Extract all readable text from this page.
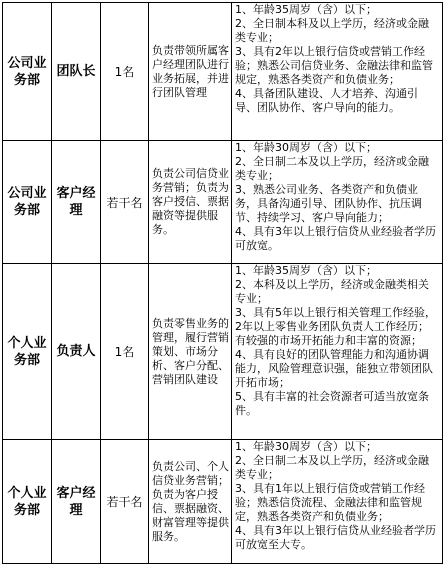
公司业务部	团队长	1名	负责带领所属客户经理团队进行业务拓展，并进行团队管理	1、年龄35周岁（含）以下；
2、全日制本科及以上学历，经济或金融类专业；
3、具有2年以上银行信贷或营销工作经验；熟悉公司信贷业务、金融法律和监管规定，熟悉各类资产和负债业务；
4、具备团队建设、人才培养、沟通引导、团队协作、客户导向的能力。

公司业务部	客户经理	若干名	负责公司信贷业务营销；负责为客户授信、票据融资等提供服务。	1、年龄30周岁（含）以下；
2、全日制二本及以上学历，经济或金融类专业；
3、熟悉公司业务、各类资产和负债业务，具备沟通引导、团队协作、抗压调节、持续学习、客户导向能力；
4、具有3年以上银行信贷从业经验者学历可放宽。

个人业务部	负责人	1名	负责零售业务的管理，履行营销策划、市场分析、客户分配、营销团队建设	1、年龄35周岁（含）以下；
2、本科及以上学历，经济或金融类相关专业；
3、具有5年以上银行相关管理工作经验，2年以上零售业务团队负责人工作经历；有较强的市场开拓能力和丰富的资源；
4、具有良好的团队管理能力和沟通协调能力，风险管理意识强，能独立带领团队开拓市场；
5、具有丰富的社会资源者可适当放宽条件。

个人业务部	客户经理	若干名	负责公司、个人信贷业务营销；负责为客户授信、票据融资、财富管理等提供服务。	1、年龄30周岁（含）以下；
2、全日制二本及以上学历，经济或金融类专业；
3、具有1年以上银行信贷或营销工作经验；熟悉信贷流程、金融法律和监管规定，熟悉各类资产和负债业务；
4、具有3年以上银行信贷从业经验者学历可放宽至大专。
